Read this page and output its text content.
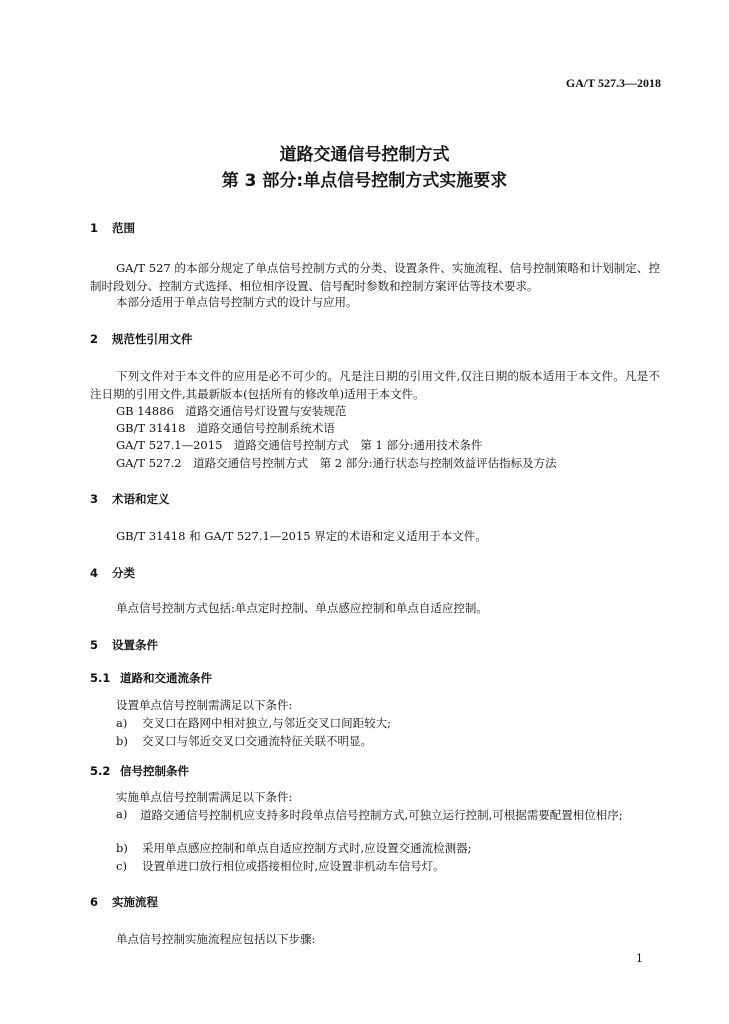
GA/T 527.3—2018
道路交通信号控制方式
第 3 部分:单点信号控制方式实施要求
1 范围
GA/T 527 的本部分规定了单点信号控制方式的分类、设置条件、实施流程、信号控制策略和计划制定、控制时段划分、控制方式选择、相位相序设置、信号配时参数和控制方案评估等技术要求。
本部分适用于单点信号控制方式的设计与应用。
2 规范性引用文件
下列文件对于本文件的应用是必不可少的。凡是注日期的引用文件,仅注日期的版本适用于本文件。凡是不注日期的引用文件,其最新版本(包括所有的修改单)适用于本文件。
GB 14886　道路交通信号灯设置与安装规范
GB/T 31418　道路交通信号控制系统术语
GA/T 527.1—2015　道路交通信号控制方式　第 1 部分:通用技术条件
GA/T 527.2　道路交通信号控制方式　第 2 部分:通行状态与控制效益评估指标及方法
3 术语和定义
GB/T 31418 和 GA/T 527.1—2015 界定的术语和定义适用于本文件。
4 分类
单点信号控制方式包括:单点定时控制、单点感应控制和单点自适应控制。
5 设置条件
5.1 道路和交通流条件
设置单点信号控制需满足以下条件:
a) 交叉口在路网中相对独立,与邻近交叉口间距较大;
b) 交叉口与邻近交叉口交通流特征关联不明显。
5.2 信号控制条件
实施单点信号控制需满足以下条件:
a) 道路交通信号控制机应支持多时段单点信号控制方式,可独立运行控制,可根据需要配置相位相序;
b) 采用单点感应控制和单点自适应控制方式时,应设置交通流检测器;
c) 设置单进口放行相位或搭接相位时,应设置非机动车信号灯。
6 实施流程
单点信号控制实施流程应包括以下步骤:
1
